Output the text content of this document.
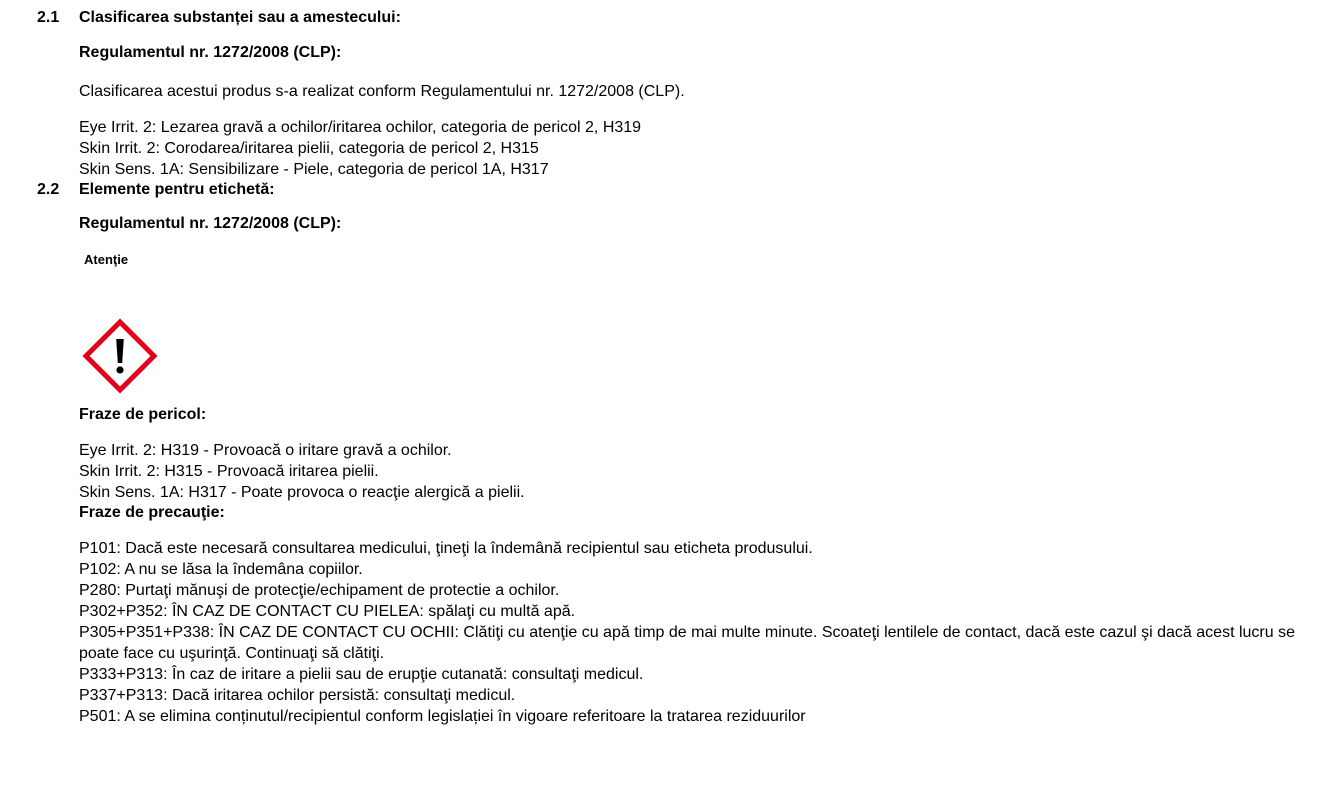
2.1 Clasificarea substanței sau a amestecului:
Regulamentul nr. 1272/2008 (CLP):
Clasificarea acestui produs s-a realizat conform Regulamentului nr. 1272/2008 (CLP).
Eye Irrit. 2: Lezarea gravă a ochilor/iritarea ochilor, categoria de pericol 2, H319
Skin Irrit. 2: Corodarea/iritarea pielii, categoria de pericol 2, H315
Skin Sens. 1A: Sensibilizare - Piele, categoria de pericol 1A, H317
2.2 Elemente pentru etichetă:
Regulamentul nr. 1272/2008 (CLP):
Atenţie
Fraze de pericol:
Eye Irrit. 2: H319 - Provoacă o iritare gravă a ochilor.
Skin Irrit. 2: H315 - Provoacă iritarea pielii.
Skin Sens. 1A: H317 - Poate provoca o reacţie alergică a pielii.
Fraze de precauţie:
P101: Dacă este necesară consultarea medicului, ţineţi la îndemână recipientul sau eticheta produsului.
P102: A nu se lăsa la îndemâna copiilor.
P280: Purtaţi mănuşi de protecţie/echipament de protectie a ochilor.
P302+P352: ÎN CAZ DE CONTACT CU PIELEA: spălaţi cu multă apă.
P305+P351+P338: ÎN CAZ DE CONTACT CU OCHII: Clătiţi cu atenţie cu apă timp de mai multe minute. Scoateţi lentilele de contact, dacă este cazul şi dacă acest lucru se poate face cu uşurinţă. Continuaţi să clătiţi.
P333+P313: În caz de iritare a pielii sau de erupţie cutanată: consultaţi medicul.
P337+P313: Dacă iritarea ochilor persistă: consultaţi medicul.
P501: A se elimina conținutul/recipientul conform legislației în vigoare referitoare la tratarea reziduurilor
